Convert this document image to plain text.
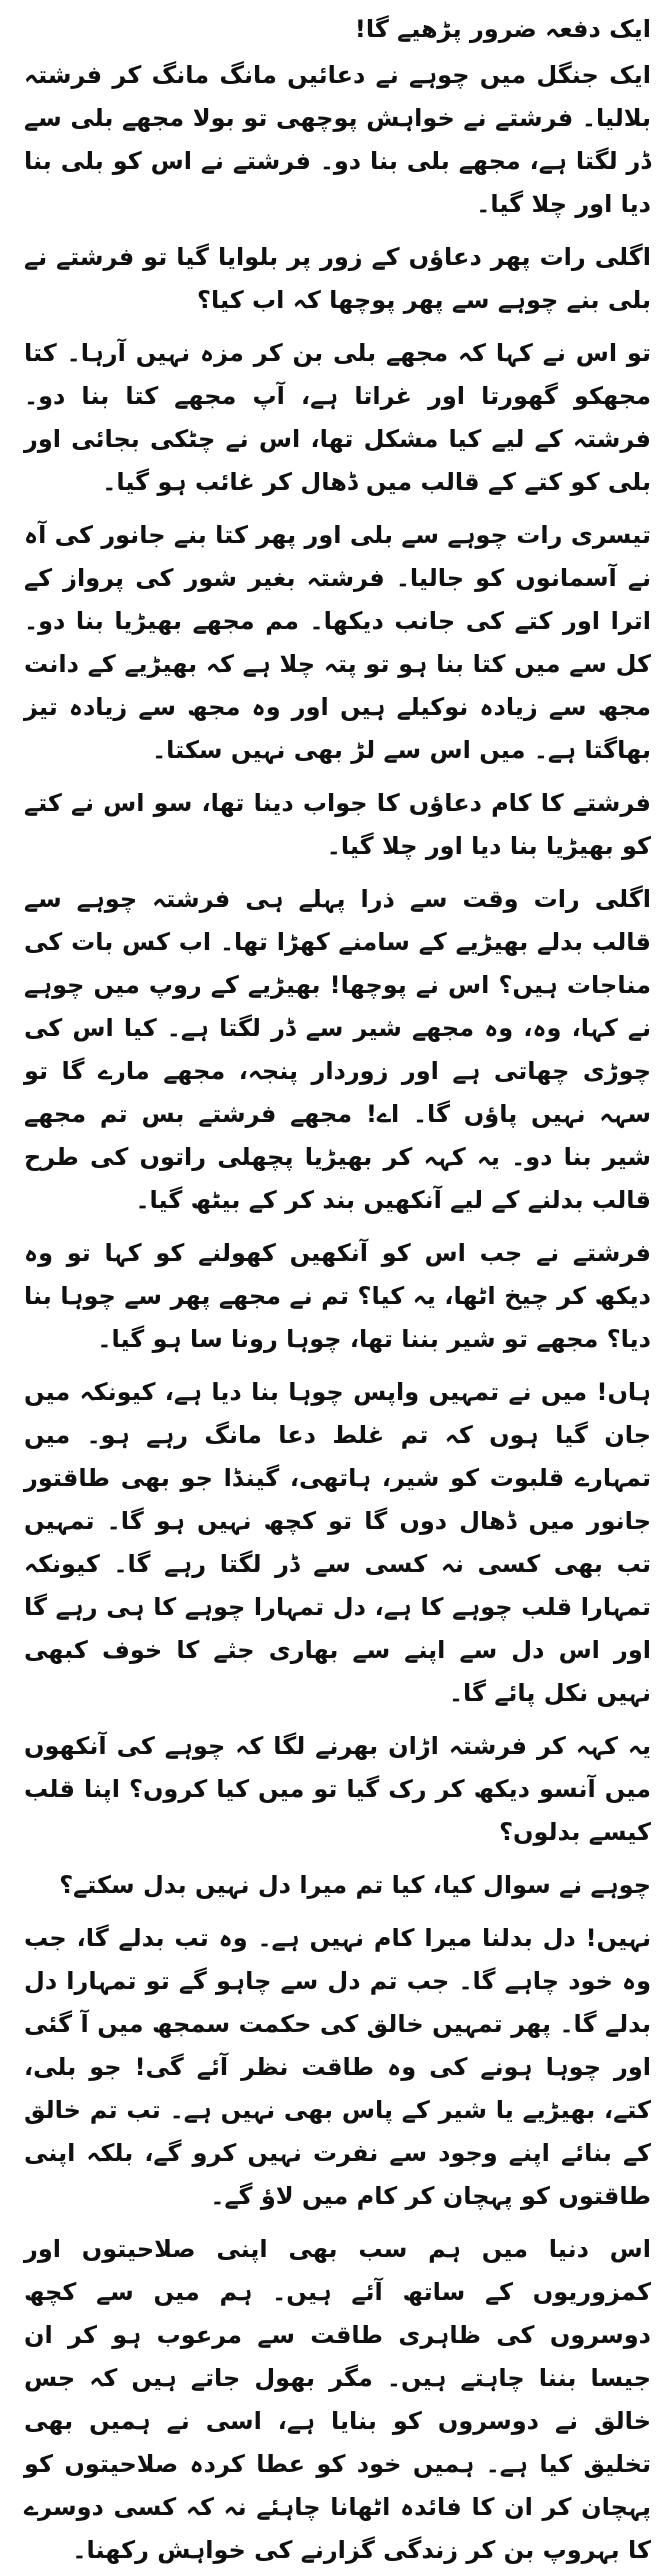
ایک دفعہ ضرور پڑھیے گا!

ایک جنگل میں چوہے نے دعائیں مانگ مانگ کر فرشتہ بلالیا۔ فرشتے نے خواہش پوچھی تو بولا مجھے بلی سے ڈر لگتا ہے، مجھے بلی بنا دو۔ فرشتے نے اس کو بلی بنا دیا اور چلا گیا۔

اگلی رات پھر دعاؤں کے زور پر بلوایا گیا تو فرشتے نے بلی بنے چوہے سے پھر پوچھا کہ اب کیا؟

تو اس نے کہا کہ مجھے بلی بن کر مزہ نہیں آرہا۔ کتا مجھکو گھورتا اور غراتا ہے، آپ مجھے کتا بنا دو۔ فرشتہ کے لیے کیا مشکل تھا، اس نے چٹکی بجائی اور بلی کو کتے کے قالب میں ڈھال کر غائب ہو گیا۔

تیسری رات چوہے سے بلی اور پھر کتا بنے جانور کی آہ نے آسمانوں کو جالیا۔ فرشتہ بغیر شور کی پرواز کے اترا اور کتے کی جانب دیکھا۔ مم مجھے بھیڑیا بنا دو۔ کل سے میں کتا بنا ہو تو پتہ چلا ہے کہ بھیڑیے کے دانت مجھ سے زیادہ نوکیلے ہیں اور وہ مجھ سے زیادہ تیز بھاگتا ہے۔ میں اس سے لڑ بھی نہیں سکتا۔

فرشتے کا کام دعاؤں کا جواب دینا تھا، سو اس نے کتے کو بھیڑیا بنا دیا اور چلا گیا۔

اگلی رات وقت سے ذرا پہلے ہی فرشتہ چوہے سے قالب بدلے بھیڑیے کے سامنے کھڑا تھا۔ اب کس بات کی مناجات ہیں؟ اس نے پوچھا! بھیڑیے کے روپ میں چوہے نے کہا، وہ، وہ مجھے شیر سے ڈر لگتا ہے۔ کیا اس کی چوڑی چھاتی ہے اور زوردار پنجہ، مجھے مارے گا تو سہہ نہیں پاؤں گا۔ اے! مجھے فرشتے بس تم مجھے شیر بنا دو۔ یہ کہہ کر بھیڑیا پچھلی راتوں کی طرح قالب بدلنے کے لیے آنکھیں بند کر کے بیٹھ گیا۔

فرشتے نے جب اس کو آنکھیں کھولنے کو کہا تو وہ دیکھ کر چیخ اٹھا، یہ کیا؟ تم نے مجھے پھر سے چوہا بنا دیا؟ مجھے تو شیر بننا تھا، چوہا رونا سا ہو گیا۔

ہاں! میں نے تمہیں واپس چوہا بنا دیا ہے، کیونکہ میں جان گیا ہوں کہ تم غلط دعا مانگ رہے ہو۔ میں تمہارے قلبوت کو شیر، ہاتھی، گینڈا جو بھی طاقتور جانور میں ڈھال دوں گا تو کچھ نہیں ہو گا۔ تمہیں تب بھی کسی نہ کسی سے ڈر لگتا رہے گا۔ کیونکہ تمہارا قلب چوہے کا ہے، دل تمہارا چوہے کا ہی رہے گا اور اس دل سے اپنے سے بھاری جثے کا خوف کبھی نہیں نکل پائے گا۔

یہ کہہ کر فرشتہ اڑان بھرنے لگا کہ چوہے کی آنکھوں میں آنسو دیکھ کر رک گیا تو میں کیا کروں؟ اپنا قلب کیسے بدلوں؟

چوہے نے سوال کیا، کیا تم میرا دل نہیں بدل سکتے؟

نہیں! دل بدلنا میرا کام نہیں ہے۔ وہ تب بدلے گا، جب وہ خود چاہے گا۔ جب تم دل سے چاہو گے تو تمہارا دل بدلے گا۔ پھر تمہیں خالق کی حکمت سمجھ میں آ گئی اور چوہا ہونے کی وہ طاقت نظر آئے گی! جو بلی، کتے، بھیڑیے یا شیر کے پاس بھی نہیں ہے۔ تب تم خالق کے بنائے اپنے وجود سے نفرت نہیں کرو گے، بلکہ اپنی طاقتوں کو پہچان کر کام میں لاؤ گے۔

اس دنیا میں ہم سب بھی اپنی صلاحیتوں اور کمزوریوں کے ساتھ آئے ہیں۔ ہم میں سے کچھ دوسروں کی ظاہری طاقت سے مرعوب ہو کر ان جیسا بننا چاہتے ہیں۔ مگر بھول جاتے ہیں کہ جس خالق نے دوسروں کو بنایا ہے، اسی نے ہمیں بھی تخلیق کیا ہے۔ ہمیں خود کو عطا کردہ صلاحیتوں کو پہچان کر ان کا فائدہ اٹھانا چاہئے نہ کہ کسی دوسرے کا بہروپ بن کر زندگی گزارنے کی خواہش رکھنا۔
